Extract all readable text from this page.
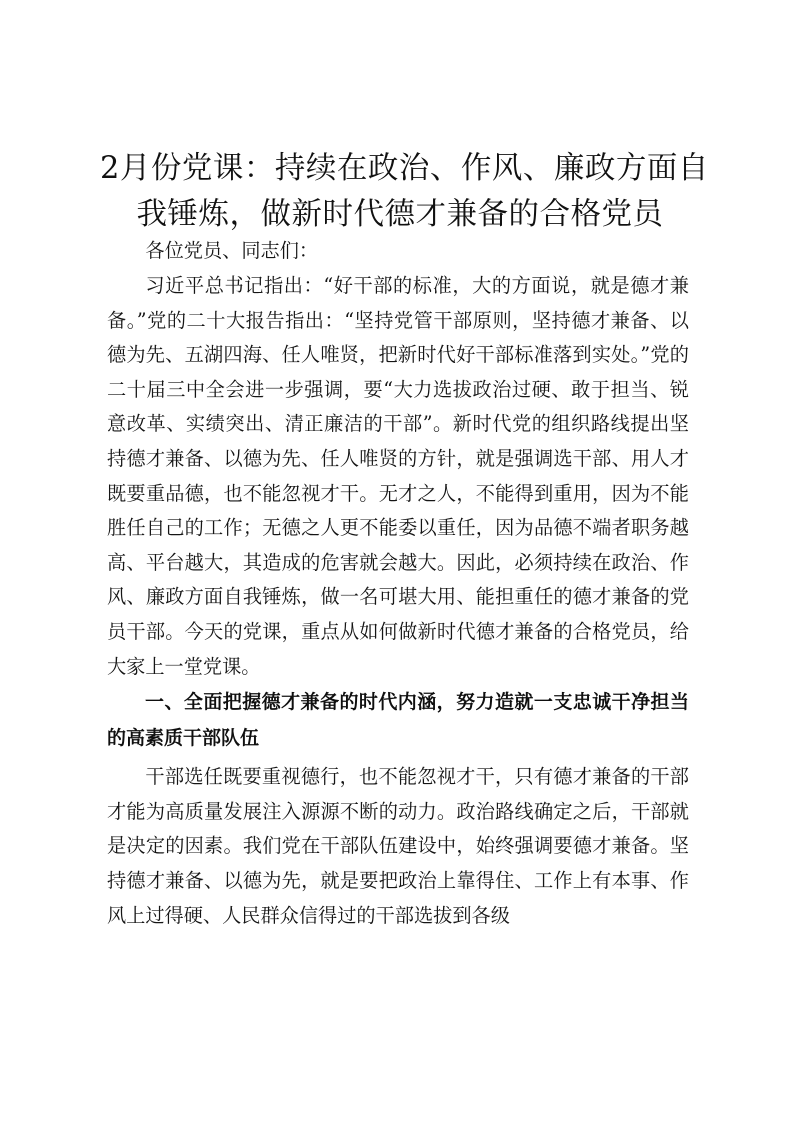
2月份党课：持续在政治、作风、廉政方面自
我锤炼，做新时代德才兼备的合格党员

各位党员、同志们：

习近平总书记指出：“好干部的标准，大的方面说，就是德才兼备。”党的二十大报告指出：“坚持党管干部原则，坚持德才兼备、以德为先、五湖四海、任人唯贤，把新时代好干部标准落到实处。”党的二十届三中全会进一步强调，要“大力选拔政治过硬、敢于担当、锐意改革、实绩突出、清正廉洁的干部”。新时代党的组织路线提出坚持德才兼备、以德为先、任人唯贤的方针，就是强调选干部、用人才既要重品德，也不能忽视才干。无才之人，不能得到重用，因为不能胜任自己的工作；无德之人更不能委以重任，因为品德不端者职务越高、平台越大，其造成的危害就会越大。因此，必须持续在政治、作风、廉政方面自我锤炼，做一名可堪大用、能担重任的德才兼备的党员干部。今天的党课，重点从如何做新时代德才兼备的合格党员，给大家上一堂党课。

一、全面把握德才兼备的时代内涵，努力造就一支忠诚干净担当的高素质干部队伍

干部选任既要重视德行，也不能忽视才干，只有德才兼备的干部才能为高质量发展注入源源不断的动力。政治路线确定之后，干部就是决定的因素。我们党在干部队伍建设中，始终强调要德才兼备。坚持德才兼备、以德为先，就是要把政治上靠得住、工作上有本事、作风上过得硬、人民群众信得过的干部选拔到各级
